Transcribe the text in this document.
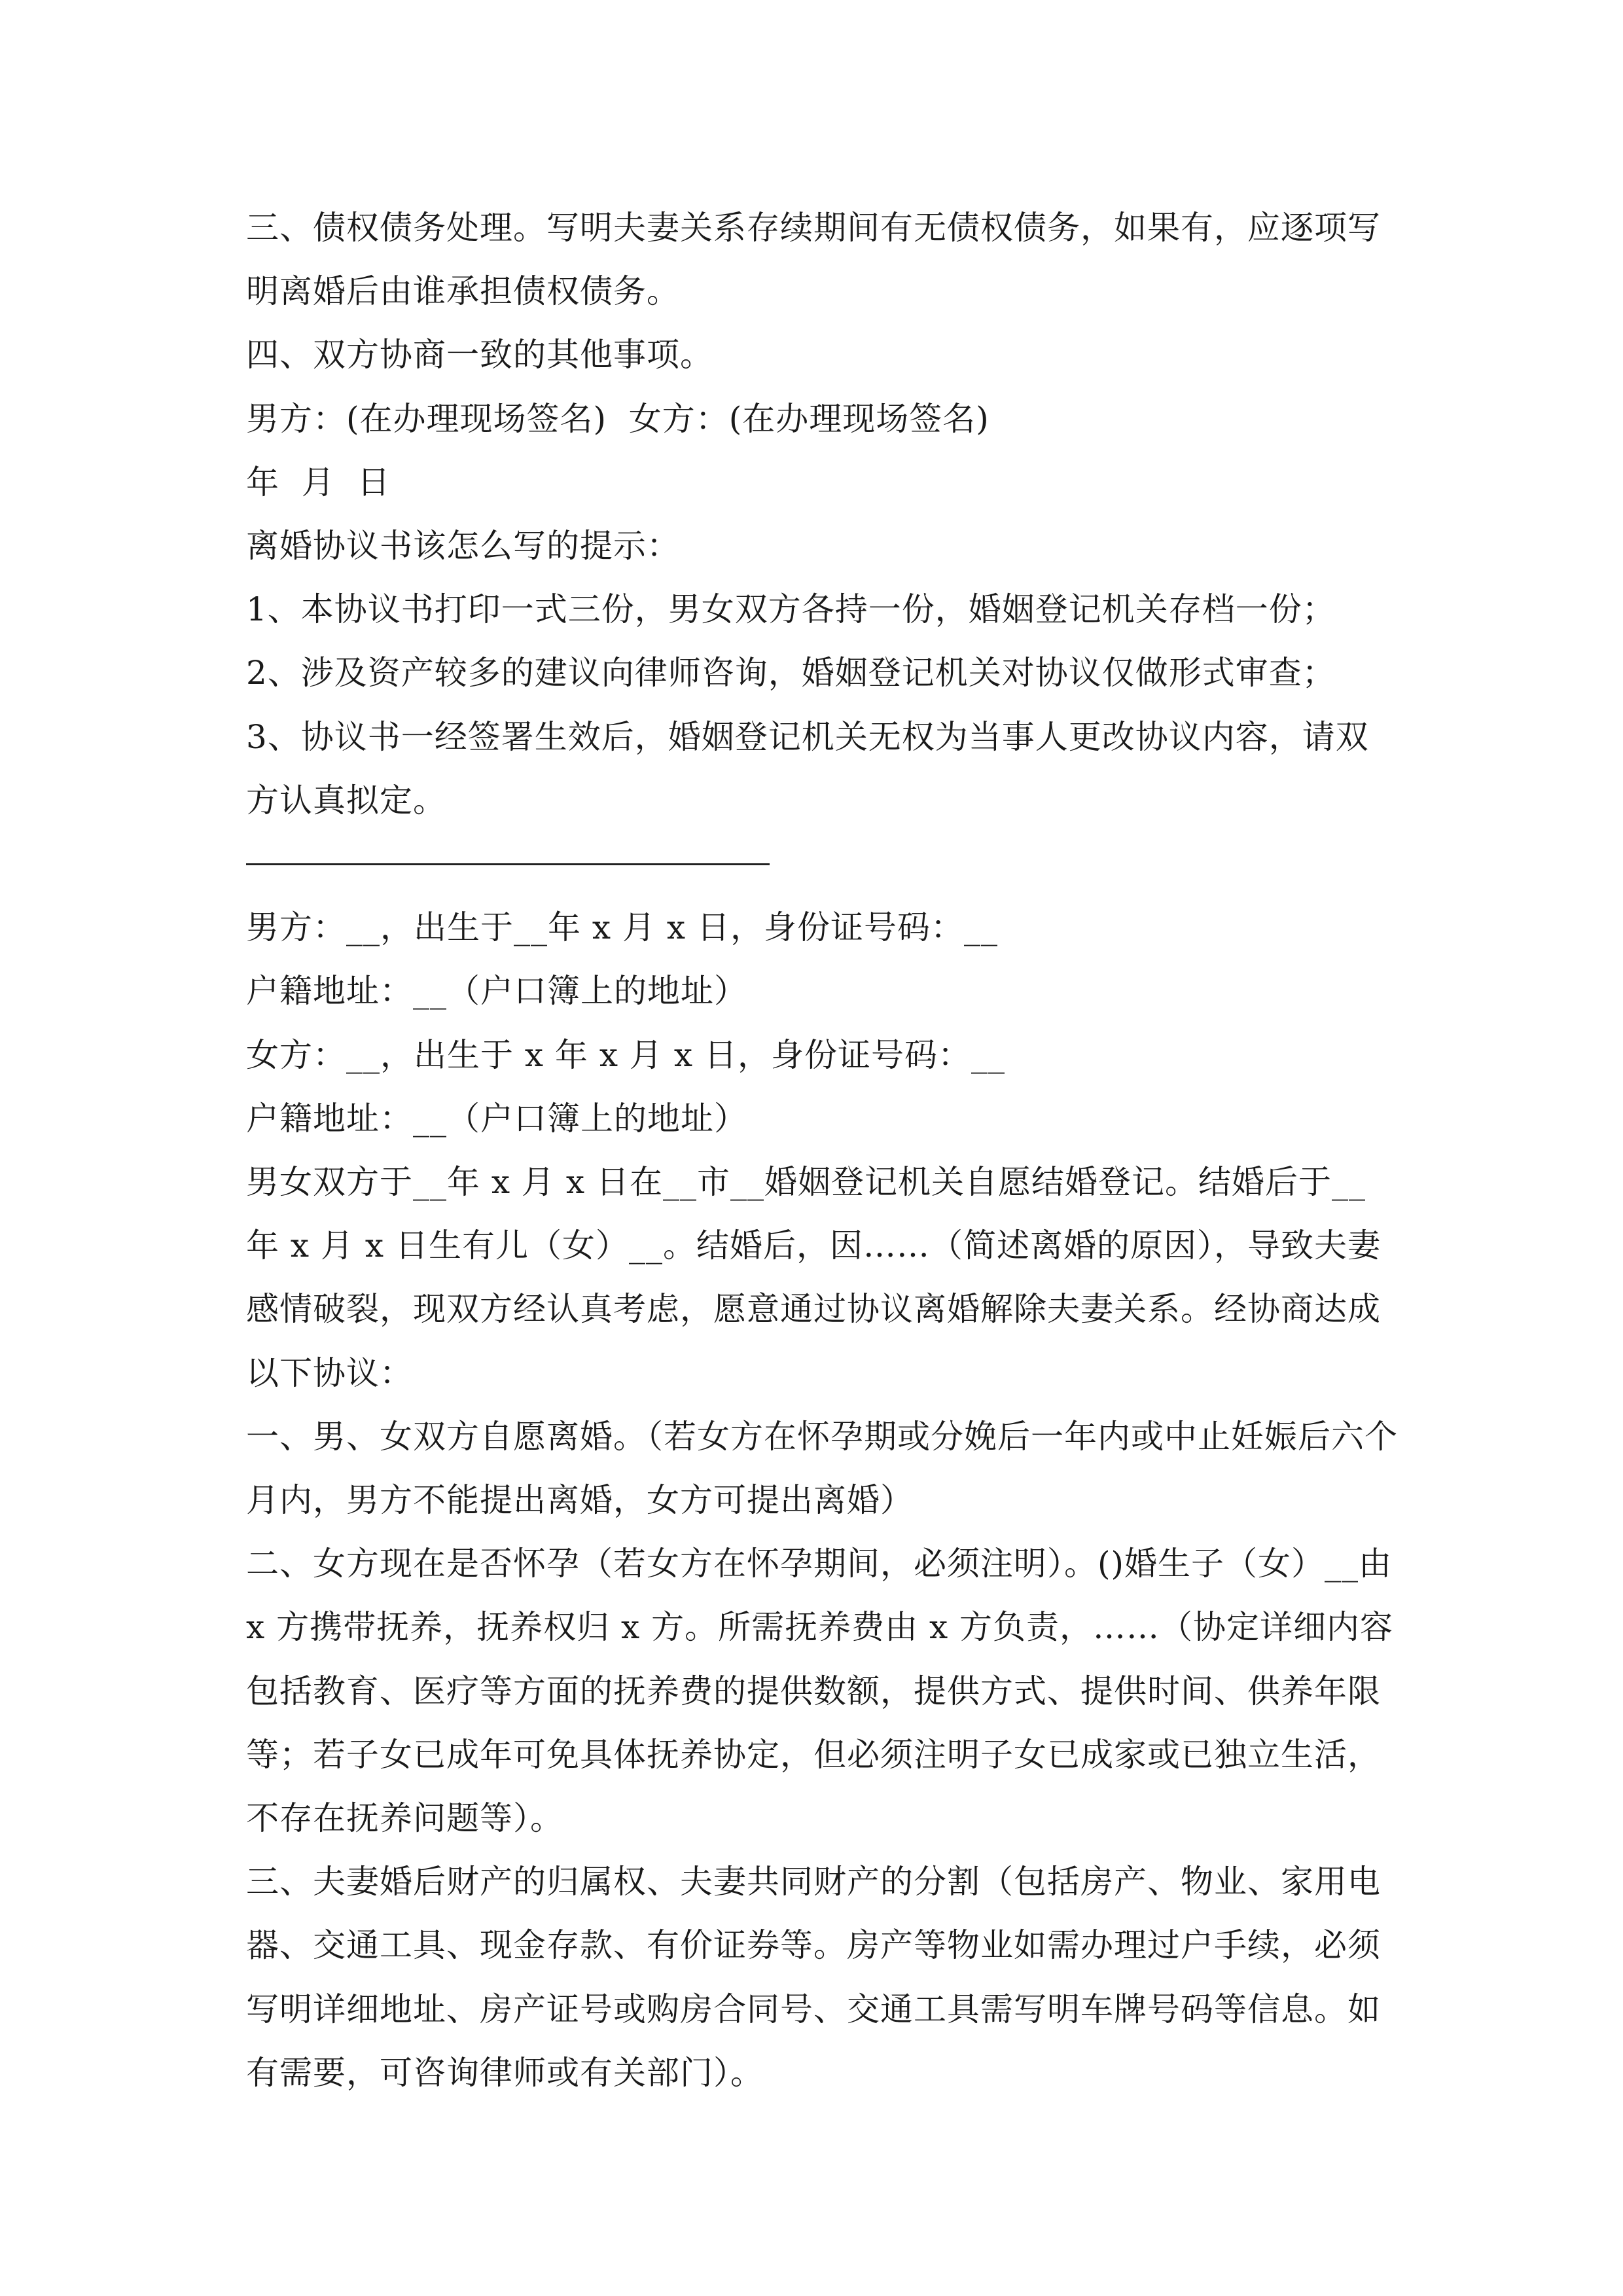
三、债权债务处理。写明夫妻关系存续期间有无债权债务，如果有，应逐项写明离婚后由谁承担债权债务。

四、双方协商一致的其他事项。

男方：(在办理现场签名)  女方：(在办理现场签名)

年  月  日

离婚协议书该怎么写的提示：

1、本协议书打印一式三份，男女双方各持一份，婚姻登记机关存档一份；

2、涉及资产较多的建议向律师咨询，婚姻登记机关对协议仅做形式审查；

3、协议书一经签署生效后，婚姻登记机关无权为当事人更改协议内容，请双方认真拟定。

男方：__，出生于__年 x 月 x 日，身份证号码：__

户籍地址：__（户口簿上的地址）

女方：__，出生于 x 年 x 月 x 日，身份证号码：__

户籍地址：__（户口簿上的地址）

男女双方于__年 x 月 x 日在__市__婚姻登记机关自愿结婚登记。结婚后于__年 x 月 x 日生有儿（女）__。结婚后，因……（简述离婚的原因），导致夫妻感情破裂，现双方经认真考虑，愿意通过协议离婚解除夫妻关系。经协商达成以下协议：

一、男、女双方自愿离婚。（若女方在怀孕期或分娩后一年内或中止妊娠后六个月内，男方不能提出离婚，女方可提出离婚）

二、女方现在是否怀孕（若女方在怀孕期间，必须注明）。()婚生子（女）__由 x 方携带抚养，抚养权归 x 方。所需抚养费由 x 方负责，……（协定详细内容包括教育、医疗等方面的抚养费的提供数额，提供方式、提供时间、供养年限等；若子女已成年可免具体抚养协定，但必须注明子女已成家或已独立生活，不存在抚养问题等）。

三、夫妻婚后财产的归属权、夫妻共同财产的分割（包括房产、物业、家用电器、交通工具、现金存款、有价证券等。房产等物业如需办理过户手续，必须写明详细地址、房产证号或购房合同号、交通工具需写明车牌号码等信息。如有需要，可咨询律师或有关部门）。
